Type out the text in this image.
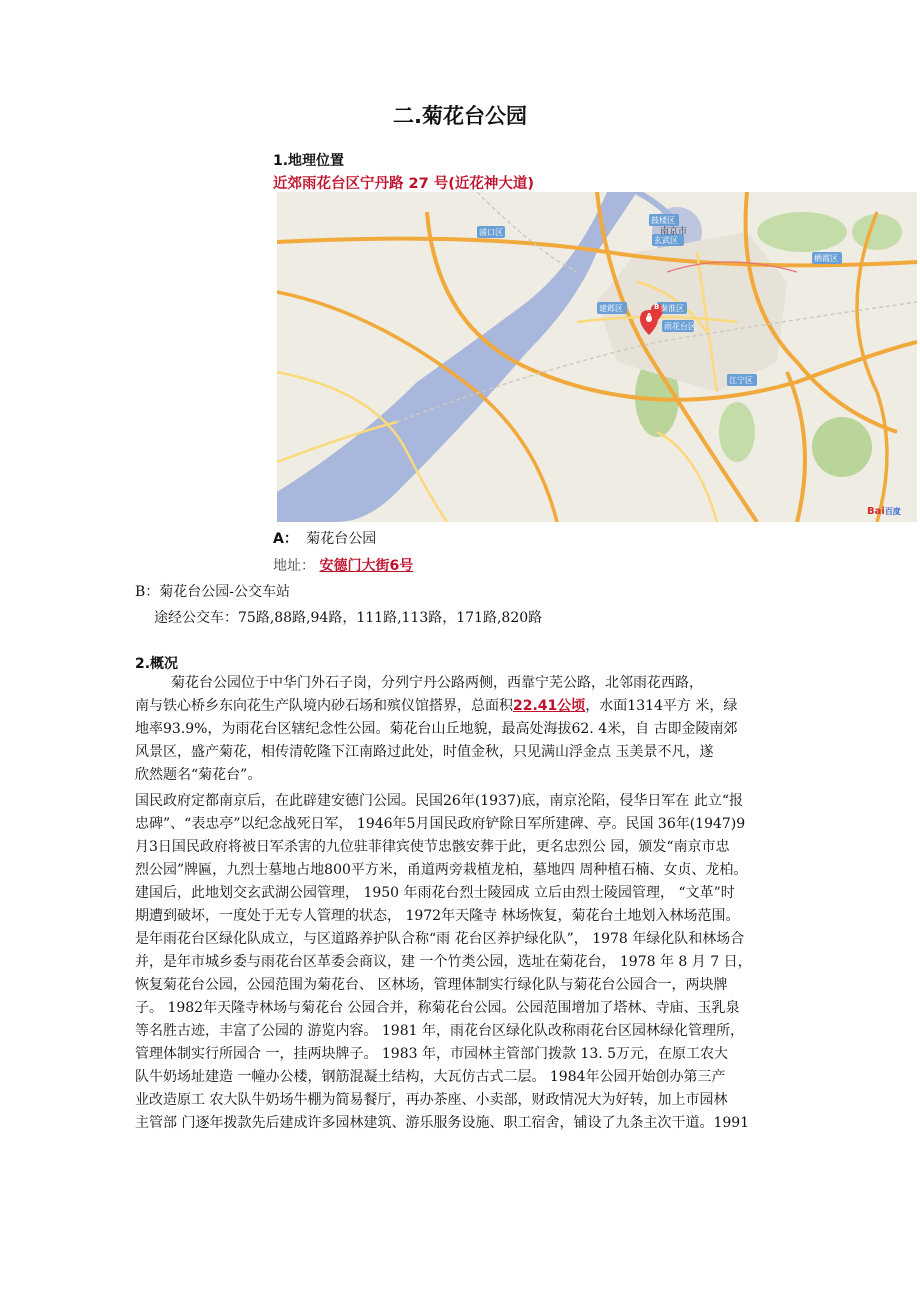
二.菊花台公园
1.地理位置
近郊雨花台区宁丹路 27 号(近花神大道)
南京市
玄武区
鼓楼区
秦淮区
雨花台区
浦口区
江宁区
建邺区
栖霞区
A
B
Bai百度
A： 菊花台公园
地址： 安德门大街6号
B：菊花台公园-公交车站
途经公交车：75路,88路,94路，111路,113路，171路,820路
2.概况
菊花台公园位于中华门外石子岗，分列宁丹公路两侧，西靠宁芜公路，北邻雨花西路，
南与铁心桥乡东向花生产队境内砂石场和殡仪馆搭界，总面积22.41公顷，水面1314平方 米，绿
地率93.9%，为雨花台区辖纪念性公园。菊花台山丘地貌，最高处海拔62. 4米，自 古即金陵南郊
风景区，盛产菊花，相传清乾隆下江南路过此处，时值金秋，只见满山浮金点 玉美景不凡，遂
欣然题名“菊花台”。
国民政府定都南京后，在此辟建安德门公园。民国26年(1937)底，南京沦陷，侵华日军在 此立“报
忠碑”、“表忠亭”以纪念战死日军， 1946年5月国民政府铲除日军所建碑、亭。民国 36年(1947)9
月3日国民政府将被日军杀害的九位驻菲律宾使节忠骸安葬于此，更名忠烈公 园，颁发“南京市忠
烈公园”牌匾，九烈士墓地占地800平方米，甬道两旁栽植龙柏，墓地四 周种植石楠、女贞、龙柏。
建国后，此地划交玄武湖公园管理， 1950 年雨花台烈士陵园成 立后由烈士陵园管理， “文革”时
期遭到破坏，一度处于无专人管理的状态， 1972年天隆寺 林场恢复，菊花台土地划入林场范围。
是年雨花台区绿化队成立，与区道路养护队合称“雨 花台区养护绿化队”， 1978 年绿化队和林场合
并，是年市城乡委与雨花台区革委会商议，建 一个竹类公园，选址在菊花台， 1978 年 8 月 7 日，
恢复菊花台公园，公园范围为菊花台、 区林场，管理体制实行绿化队与菊花台公园合一，两块牌
子。 1982年天隆寺林场与菊花台 公园合并，称菊花台公园。公园范围增加了塔林、寺庙、玉乳泉
等名胜古迹，丰富了公园的 游览内容。 1981 年，雨花台区绿化队改称雨花台区园林绿化管理所，
管理体制实行所园合 一，挂两块牌子。 1983 年，市园林主管部门拨款 13. 5万元，在原工农大
队牛奶场址建造 一幢办公楼，钢筋混凝土结构，大瓦仿古式二层。 1984年公园开始创办第三产
业改造原工 农大队牛奶场牛棚为简易餐厅，再办茶座、小卖部，财政情况大为好转，加上市园林
主管部 门逐年拨款先后建成许多园林建筑、游乐服务设施、职工宿舍，铺设了九条主次干道。1991
